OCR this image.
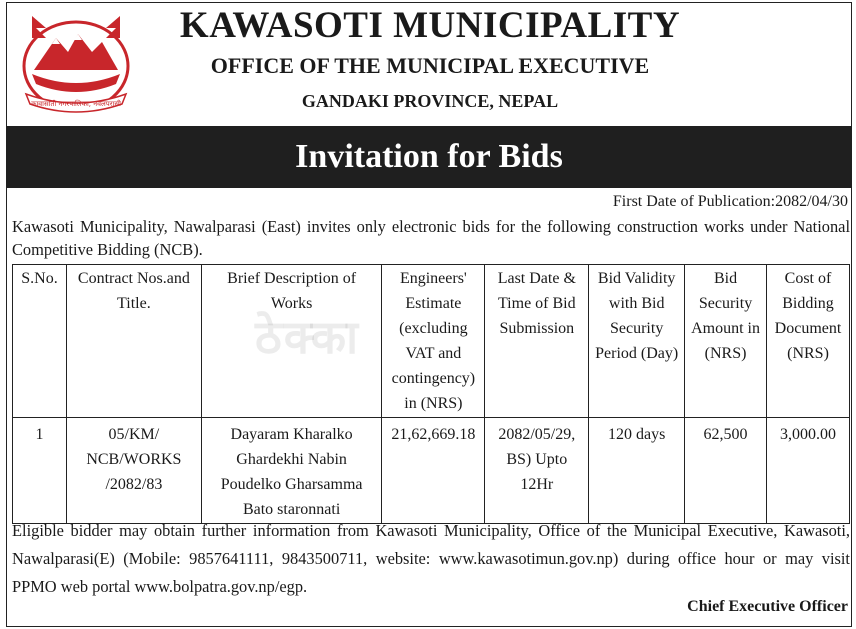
कावासोती नगरपालिका, नवलपरासी
KAWASOTI MUNICIPALITY
OFFICE OF THE MUNICIPAL EXECUTIVE
GANDAKI PROVINCE, NEPAL
Invitation for Bids
First Date of Publication:2082/04/30
Kawasoti Municipality, Nawalparasi (East) invites only electronic bids for the following construction works under National Competitive Bidding (NCB).
S.No.	Contract Nos.and Title.	Brief Description of Works	Engineers' Estimate (excluding VAT and contingency) in (NRS)	Last Date & Time of Bid Submission	Bid Validity with Bid Security Period (Day)	Bid Security Amount in (NRS)	Cost of Bidding Document (NRS)
1	05/KM/ NCB/WORKS /2082/83	Dayaram Kharalko Ghardekhi Nabin Poudelko Gharsamma Bato staronnati	21,62,669.18	2082/05/29, BS) Upto 12Hr	120 days	62,500	3,000.00
ठेक्का
Eligible bidder may obtain further information from Kawasoti Municipality, Office of the Municipal Executive, Kawasoti, Nawalparasi(E) (Mobile: 9857641111, 9843500711, website: www.kawasotimun.gov.np) during office hour or may visit PPMO web portal www.bolpatra.gov.np/egp.
Chief Executive Officer
